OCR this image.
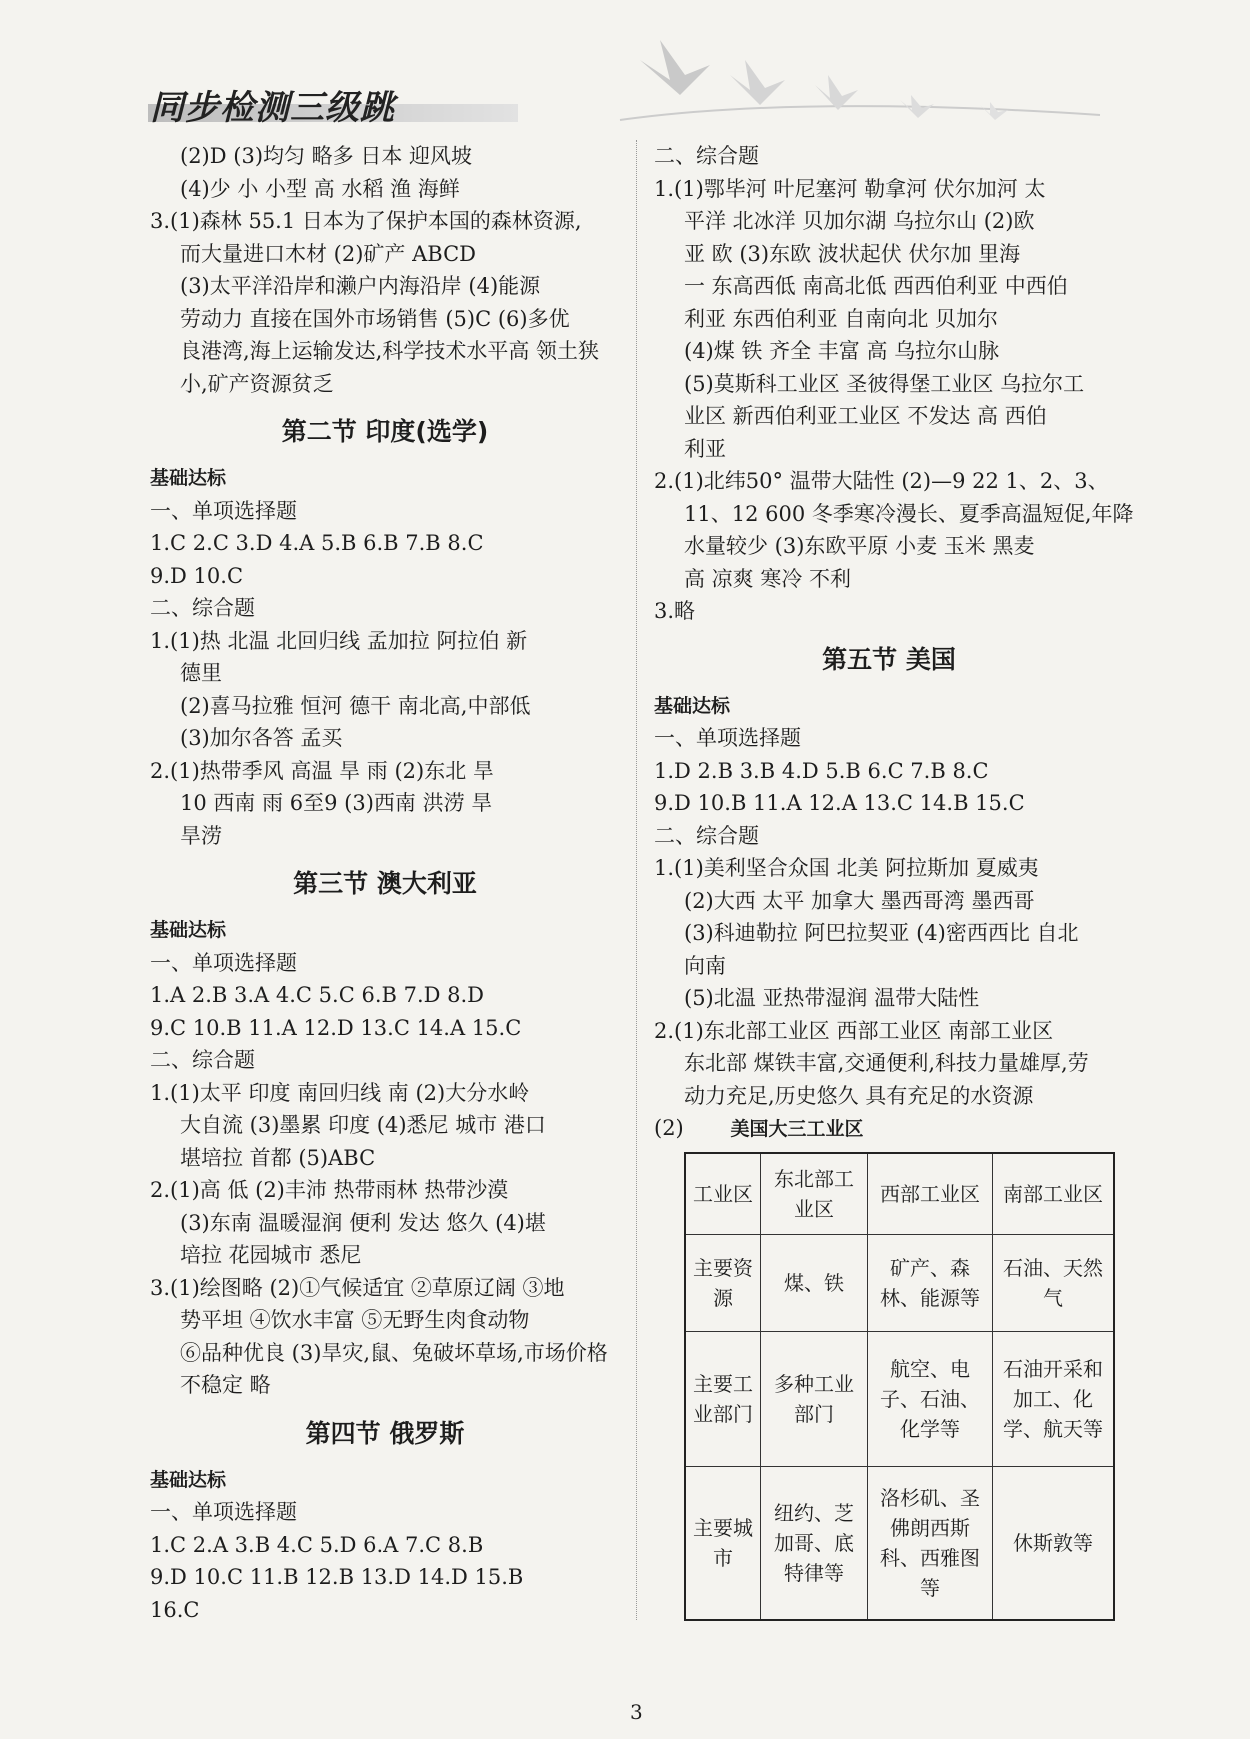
同步检测三级跳
(2)D (3)均匀 略多 日本 迎风坡
(4)少 小 小型 高 水稻 渔 海鲜
3.(1)森林 55.1 日本为了保护本国的森林资源,
而大量进口木材 (2)矿产 ABCD
(3)太平洋沿岸和濑户内海沿岸 (4)能源
劳动力 直接在国外市场销售 (5)C (6)多优
良港湾,海上运输发达,科学技术水平高 领土狭
小,矿产资源贫乏
第二节 印度(选学)
基础达标
一、单项选择题
1.C 2.C 3.D 4.A 5.B 6.B 7.B 8.C
9.D 10.C
二、综合题
1.(1)热 北温 北回归线 孟加拉 阿拉伯 新
德里
(2)喜马拉雅 恒河 德干 南北高,中部低
(3)加尔各答 孟买
2.(1)热带季风 高温 旱 雨 (2)东北 旱
10 西南 雨 6至9 (3)西南 洪涝 旱
旱涝
第三节 澳大利亚
基础达标
一、单项选择题
1.A 2.B 3.A 4.C 5.C 6.B 7.D 8.D
9.C 10.B 11.A 12.D 13.C 14.A 15.C
二、综合题
1.(1)太平 印度 南回归线 南 (2)大分水岭
大自流 (3)墨累 印度 (4)悉尼 城市 港口
堪培拉 首都 (5)ABC
2.(1)高 低 (2)丰沛 热带雨林 热带沙漠
(3)东南 温暖湿润 便利 发达 悠久 (4)堪
培拉 花园城市 悉尼
3.(1)绘图略 (2)①气候适宜 ②草原辽阔 ③地
势平坦 ④饮水丰富 ⑤无野生肉食动物
⑥品种优良 (3)旱灾,鼠、兔破坏草场,市场价格
不稳定 略
第四节 俄罗斯
基础达标
一、单项选择题
1.C 2.A 3.B 4.C 5.D 6.A 7.C 8.B
9.D 10.C 11.B 12.B 13.D 14.D 15.B
16.C
二、综合题
1.(1)鄂毕河 叶尼塞河 勒拿河 伏尔加河 太
平洋 北冰洋 贝加尔湖 乌拉尔山 (2)欧
亚 欧 (3)东欧 波状起伏 伏尔加 里海
一 东高西低 南高北低 西西伯利亚 中西伯
利亚 东西伯利亚 自南向北 贝加尔
(4)煤 铁 齐全 丰富 高 乌拉尔山脉
(5)莫斯科工业区 圣彼得堡工业区 乌拉尔工
业区 新西伯利亚工业区 不发达 高 西伯
利亚
2.(1)北纬50° 温带大陆性 (2)—9 22 1、2、3、
11、12 600 冬季寒冷漫长、夏季高温短促,年降
水量较少 (3)东欧平原 小麦 玉米 黑麦
高 凉爽 寒冷 不利
3.略
第五节 美国
基础达标
一、单项选择题
1.D 2.B 3.B 4.D 5.B 6.C 7.B 8.C
9.D 10.B 11.A 12.A 13.C 14.B 15.C
二、综合题
1.(1)美利坚合众国 北美 阿拉斯加 夏威夷
(2)大西 太平 加拿大 墨西哥湾 墨西哥
(3)科迪勒拉 阿巴拉契亚 (4)密西西比 自北
向南
(5)北温 亚热带湿润 温带大陆性
2.(1)东北部工业区 西部工业区 南部工业区
东北部 煤铁丰富,交通便利,科技力量雄厚,劳
动力充足,历史悠久 具有充足的水资源
(2) 美国大三工业区
工业区	东北部工业区	西部工业区	南部工业区
主要资源	煤、铁	矿产、森林、能源等	石油、天然气
主要工业部门	多种工业部门	航空、电子、石油、化学等	石油开采和加工、化学、航天等
主要城市	纽约、芝加哥、底特律等	洛杉矶、圣佛朗西斯科、西雅图等	休斯敦等
3
